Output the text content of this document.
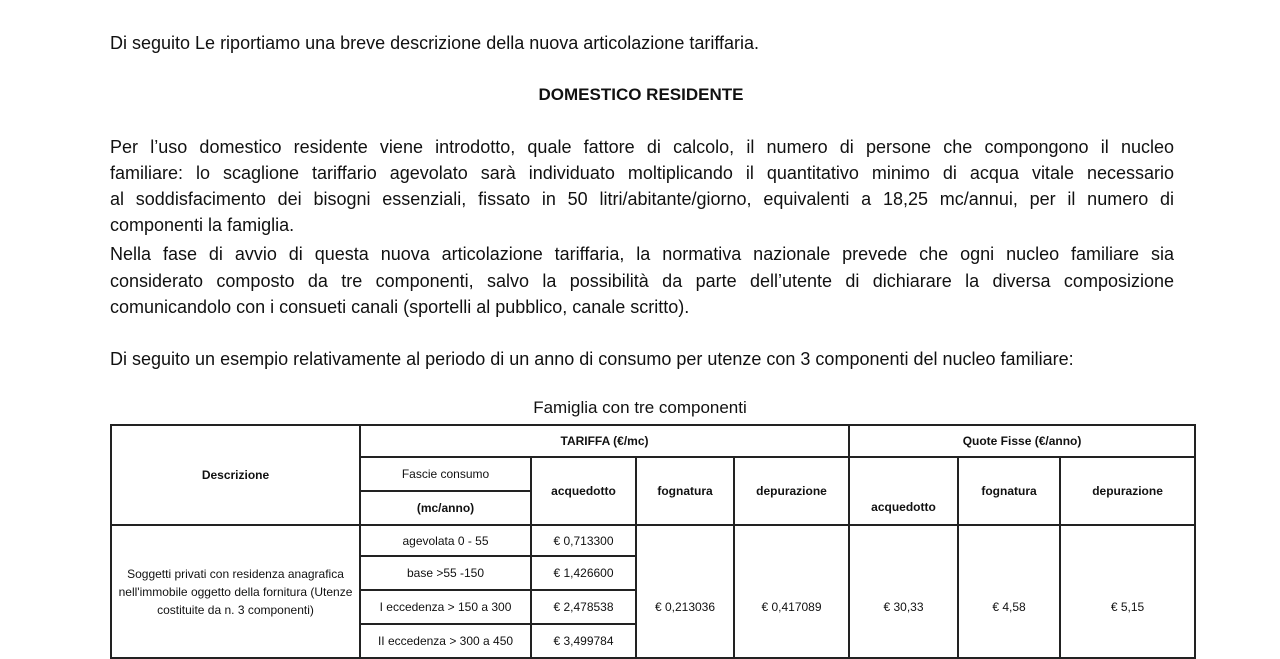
Di seguito Le riportiamo una breve descrizione della nuova articolazione tariffaria.
DOMESTICO RESIDENTE
Per l’uso domestico residente viene introdotto, quale fattore di calcolo, il numero di persone che compongono il nucleo
familiare: lo scaglione tariffario agevolato sarà individuato moltiplicando il quantitativo minimo di acqua vitale necessario
al soddisfacimento dei bisogni essenziali, fissato in 50 litri/abitante/giorno, equivalenti a 18,25 mc/annui, per il numero di
componenti la famiglia.
Nella fase di avvio di questa nuova articolazione tariffaria, la normativa nazionale prevede che ogni nucleo familiare sia
considerato composto da tre componenti, salvo la possibilità da parte dell’utente di dichiarare la diversa composizione
comunicandolo con i consueti canali (sportelli al pubblico, canale scritto).
Di seguito un esempio relativamente al periodo di un anno di consumo per utenze con 3 componenti del nucleo familiare:
Famiglia con tre componenti
Descrizione	TARIFFA (€/mc)				Quote Fisse (€/anno)		
	Fascie consumo	acquedotto	fognatura	depurazione	acquedotto	fognatura	depurazione
	(mc/anno)						
Soggetti privati con residenza anagrafica nell'immobile oggetto della fornitura (Utenze costituite da n. 3 componenti)	agevolata 0 - 55	€ 0,713300	€ 0,213036	€ 0,417089	€ 30,33	€ 4,58	€ 5,15
	base >55 -150	€ 1,426600					
	I eccedenza > 150 a 300	€ 2,478538					
	II eccedenza > 300 a 450	€ 3,499784					
